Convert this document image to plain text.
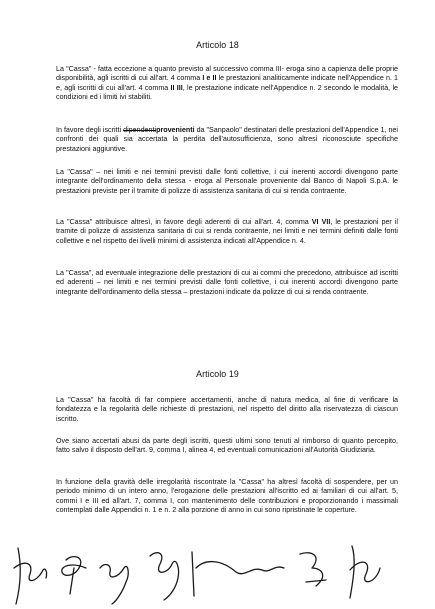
Articolo 18
La "Cassa" - fatta eccezione a quanto previsto al successivo comma III- eroga sino a capienza delle proprie disponibilità, agli iscritti di cui all'art. 4 comma I e II le prestazioni analiticamente indicate nell'Appendice n. 1 e, agli iscritti di cui all'art. 4 comma II III, le prestazione indicate nell'Appendice n. 2 secondo le modalità, le condizioni ed i limiti ivi stabiliti.
In favore degli iscritti dipendentiprovenienti da "Sanpaolo" destinatari delle prestazioni dell'Appendice 1, nei confronti dei quali sia accertata la perdita dell'autosufficienza, sono altresì riconosciute specifiche prestazioni aggiuntive.
La "Cassa" – nei limiti e nei termini previsti dalle fonti collettive, i cui inerenti accordi divengono parte integrante dell'ordinamento della stessa - eroga al Personale proveniente dal Banco di Napoli S.p.A. le prestazioni previste per il tramite di polizze di assistenza sanitaria di cui si renda contraente.
La "Cassa" attribuisce altresì, in favore degli aderenti di cui all'art. 4, comma VI VII, le prestazioni per il tramite di polizze di assistenza sanitaria di cui si renda contraente, nei limiti e nei termini definiti dalle fonti collettive e nel rispetto dei livelli minimi di assistenza indicati all'Appendice n. 4.
La "Cassa", ad eventuale integrazione delle prestazioni di cui ai commi che precedono, attribuisce ad iscritti ed aderenti – nei limiti e nei termini previsti dalle fonti collettive, i cui inerenti accordi divengono parte integrante dell'ordinamento della stessa – prestazioni indicate da polizze di cui si renda contraente.
Articolo 19
La "Cassa" ha facoltà di far compiere accertamenti, anche di natura medica, al fine di verificare la fondatezza e la regolarità delle richieste di prestazioni, nel rispetto del diritto alla riservatezza di ciascun iscritto.
Ove siano accertati abusi da parte degli iscritti, questi ultimi sono tenuti al rimborso di quanto percepito, fatto salvo il disposto dell'art. 9, comma I, alinea 4, ed eventuali comunicazioni all'Autorità Giudiziaria.
In funzione della gravità delle irregolarità riscontrate la "Cassa" ha altresì facoltà di sospendere, per un periodo minimo di un intero anno, l'erogazione delle prestazioni all'iscritto ed ai familiari di cui all'art. 5, commi I e III ed all'art. 7, comma I, con mantenimento delle contribuzioni e proporzionando i massimali contemplati dalle Appendici n. 1 e n. 2 alla porzione di anno in cui sono ripristinate le coperture.
